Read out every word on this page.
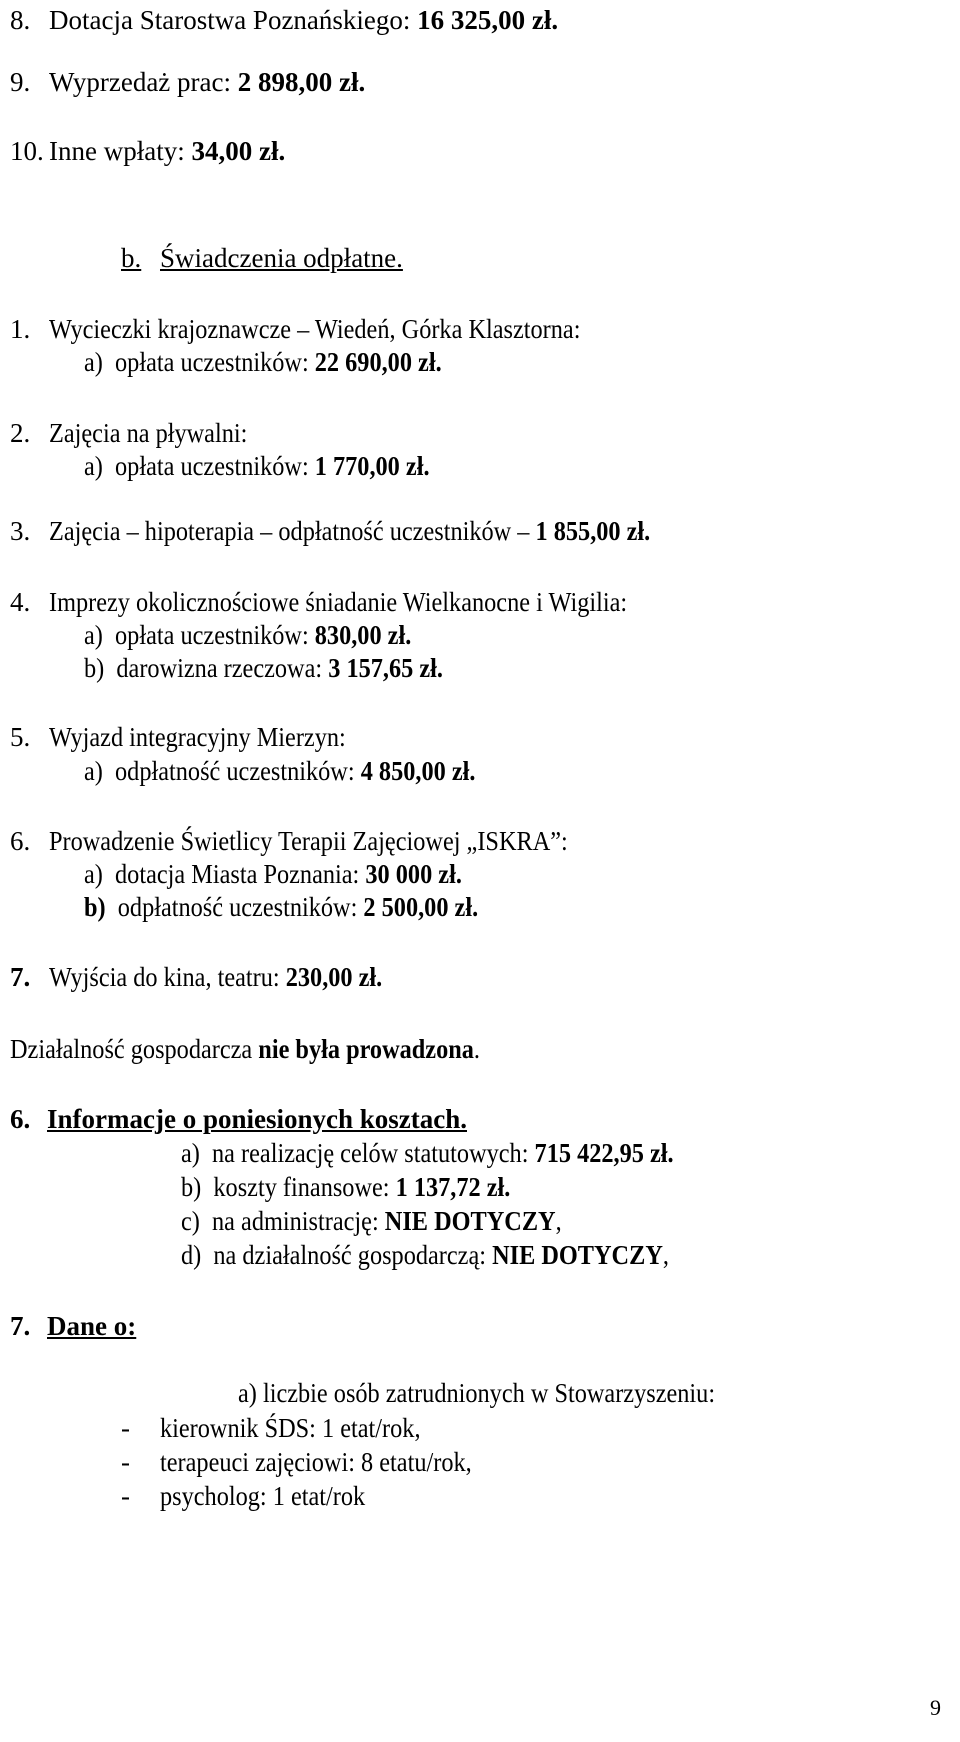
8. Dotacja Starostwa Poznańskiego: 16 325,00 zł.
9. Wyprzedaż prac: 2 898,00 zł.
10. Inne wpłaty: 34,00 zł.
b. Świadczenia odpłatne.
1. Wycieczki krajoznawcze – Wiedeń, Górka Klasztorna:
a) opłata uczestników: 22 690,00 zł.
2. Zajęcia na pływalni:
a) opłata uczestników: 1 770,00 zł.
3. Zajęcia – hipoterapia – odpłatność uczestników – 1 855,00 zł.
4. Imprezy okolicznościowe śniadanie Wielkanocne i Wigilia:
a) opłata uczestników: 830,00 zł.
b) darowizna rzeczowa: 3 157,65 zł.
5. Wyjazd integracyjny Mierzyn:
a) odpłatność uczestników: 4 850,00 zł.
6. Prowadzenie Świetlicy Terapii Zajęciowej „ISKRA”:
a) dotacja Miasta Poznania: 30 000 zł.
b) odpłatność uczestników: 2 500,00 zł.
7. Wyjścia do kina, teatru: 230,00 zł.
Działalność gospodarcza nie była prowadzona.
6. Informacje o poniesionych kosztach.
a) na realizację celów statutowych: 715 422,95 zł.
b) koszty finansowe: 1 137,72 zł.
c) na administrację: NIE DOTYCZY,
d) na działalność gospodarczą: NIE DOTYCZY,
7. Dane o:
a) liczbie osób zatrudnionych w Stowarzyszeniu:
- kierownik ŚDS: 1 etat/rok,
- terapeuci zajęciowi: 8 etatu/rok,
- psycholog: 1 etat/rok
9
